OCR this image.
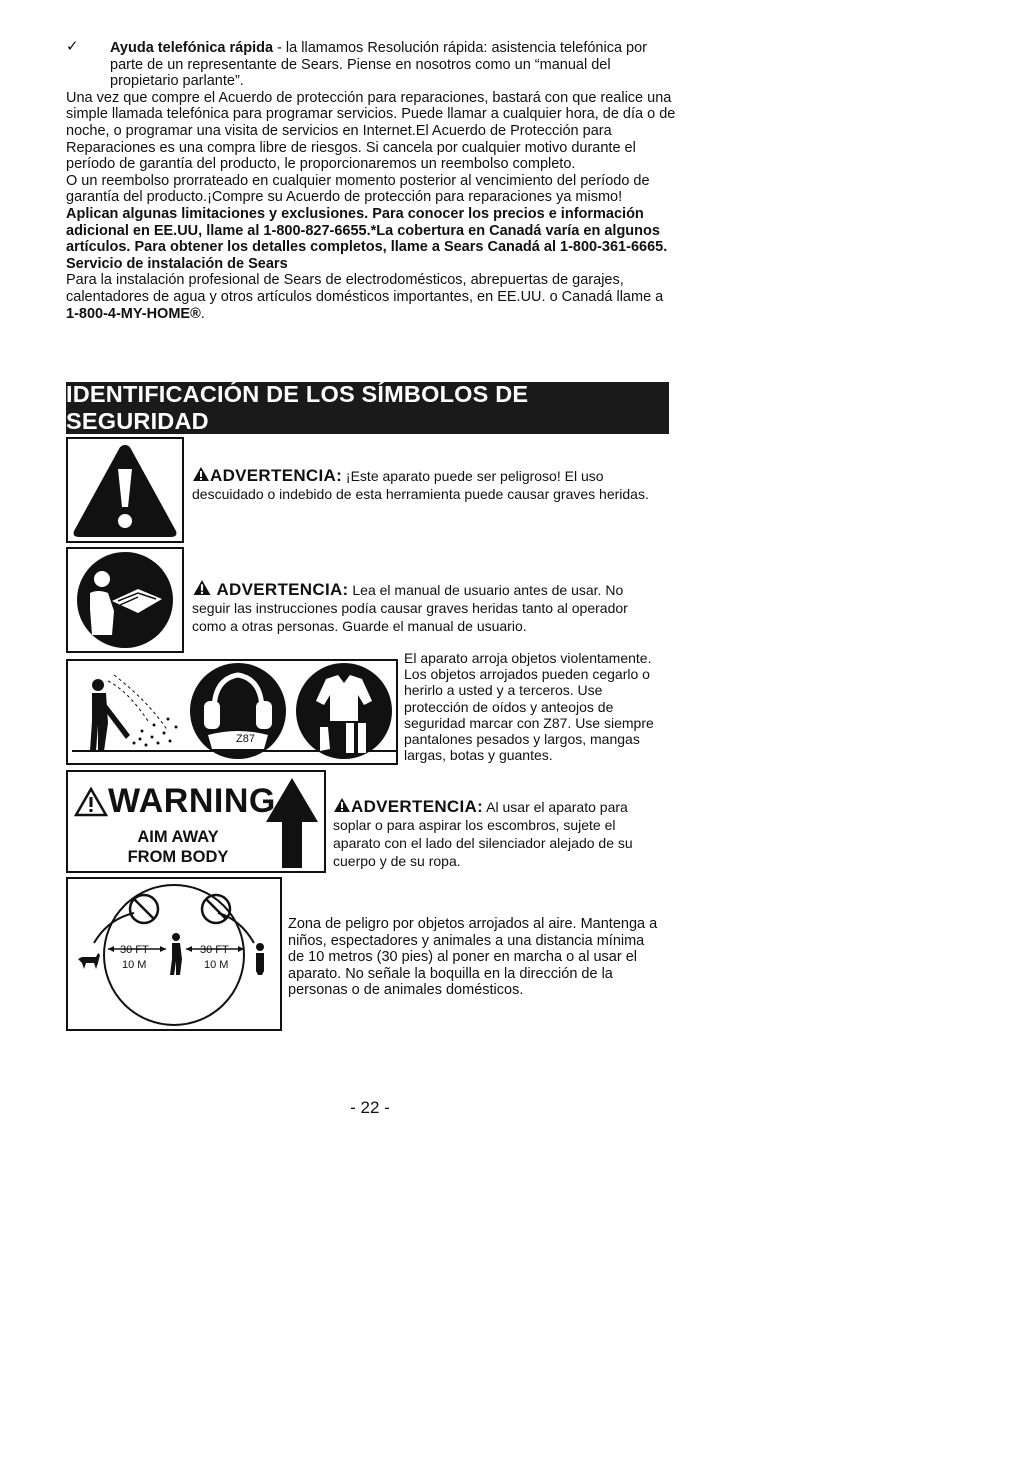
✓ Ayuda telefónica rápida - la llamamos Resolución rápida: asistencia telefónica por parte de un representante de Sears. Piense en nosotros como un “manual del propietario parlante”.

Una vez que compre el Acuerdo de protección para reparaciones, bastará con que realice una simple llamada telefónica para programar servicios. Puede llamar a cualquier hora, de día o de noche, o programar una visita de servicios en Internet.El Acuerdo de Protección para Reparaciones es una compra libre de riesgos. Si cancela por cualquier motivo durante el período de garantía del producto, le proporcionaremos un reembolso completo.

O un reembolso prorrateado en cualquier momento posterior al vencimiento del período de garantía del producto.¡Compre su Acuerdo de protección para reparaciones ya mismo!

Aplican algunas limitaciones y exclusiones. Para conocer los precios e información adicional en EE.UU, llame al 1-800-827-6655.*La cobertura en Canadá varía en algunos artículos. Para obtener los detalles completos, llame a Sears Canadá al 1-800-361-6665.

Servicio de instalación de Sears

Para la instalación profesional de Sears de electrodomésticos, abrepuertas de garajes, calentadores de agua y otros artículos domésticos importantes, en EE.UU. o Canadá llame a 1-800-4-MY-HOME®.

IDENTIFICACIÓN DE LOS SÍMBOLOS DE SEGURIDAD
ADVERTENCIA: ¡Este aparato puede ser peligroso! El uso descuidado o indebido de esta herramienta puede causar graves heridas.
ADVERTENCIA: Lea el manual de usuario antes de usar. No seguir las instrucciones podía causar graves heridas tanto al operador como a otras personas. Guarde el manual de usuario.
Z87
El aparato arroja objetos violentamente. Los objetos arrojados pueden cegarlo o herirlo a usted y a terceros. Use protección de oídos y anteojos de seguridad marcar con Z87. Use siempre pantalones pesados y largos, mangas largas, botas y guantes.
WARNING
AIM AWAY
FROM BODY
ADVERTENCIA: Al usar el aparato para soplar o para aspirar los escombros, sujete el aparato con el lado del silenciador alejado de su cuerpo y de su ropa.
30 FT
10 M
30 FT
10 M
Zona de peligro por objetos arrojados al aire. Mantenga a niños, espectadores y animales a una distancia mínima de 10 metros (30 pies) al poner en marcha o al usar el aparato. No señale la boquilla en la dirección de la personas o de animales domésticos.
- 22 -
